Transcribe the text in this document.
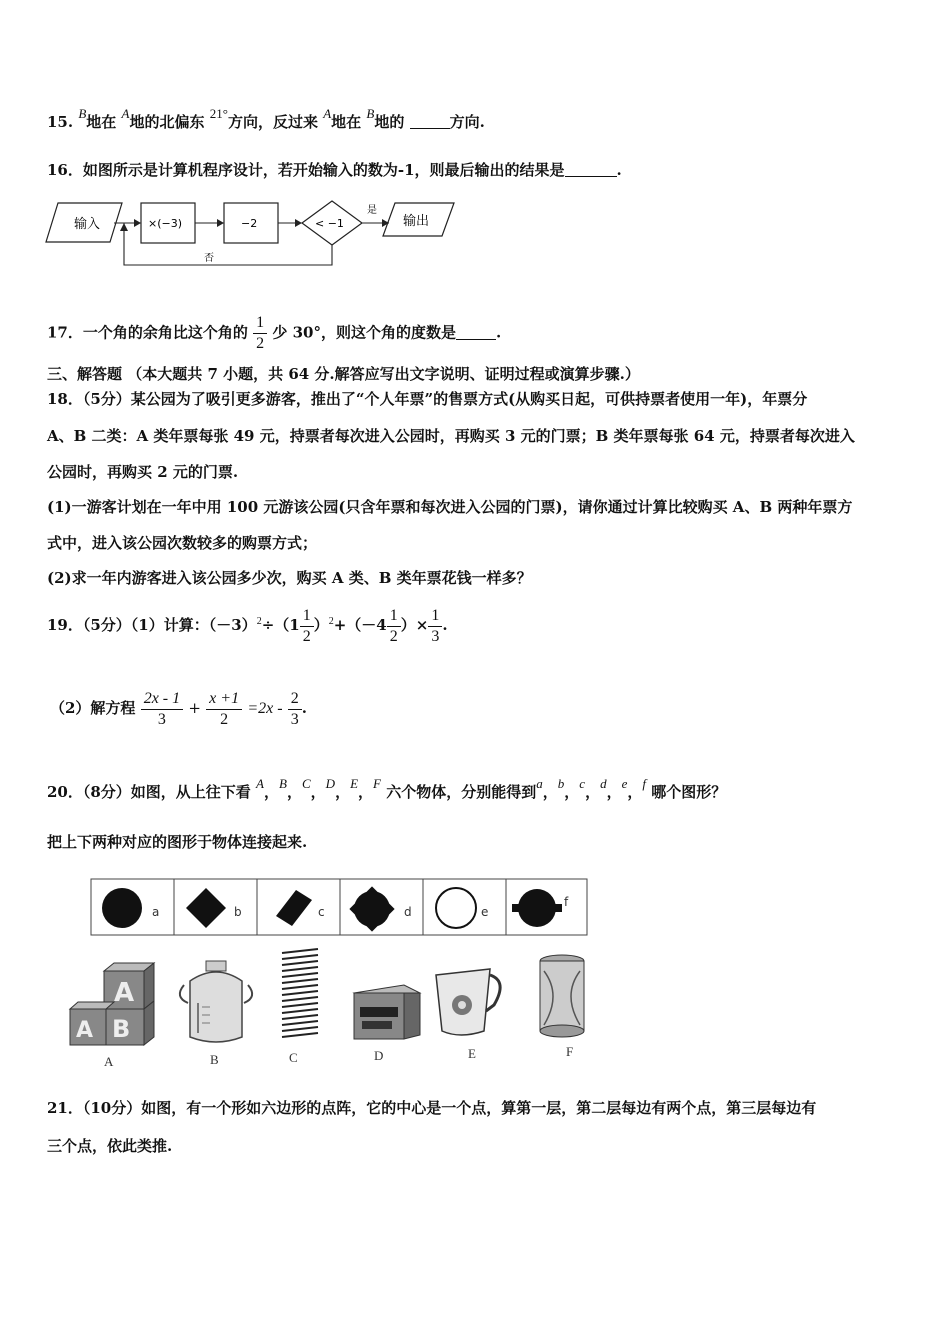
15. B地在 A地的北偏东 21°方向，反过来 A地在 B地的	方向.
16．如图所示是计算机程序设计，若开始输入的数为-1，则最后输出的结果是	.
输入	×(−3)	−2	< −1
是
输出
否
17．一个角的余角比这个角的 $\frac{1}{2}$ 少 30°，则这个角的度数是	.
三、解答题 （本大题共 7 小题，共 64 分.解答应写出文字说明、证明过程或演算步骤.）
18．（5分）某公园为了吸引更多游客，推出了“个人年票”的售票方式(从购买日起，可供持票者使用一年)，年票分
A、B 二类：A 类年票每张 49 元，持票者每次进入公园时，再购买 3 元的门票；B 类年票每张 64 元，持票者每次进入
公园时，再购买 2 元的门票.
(1)一游客计划在一年中用 100 元游该公园(只含年票和每次进入公园的门票)，请你通过计算比较购买 A、B 两种年票方
式中，进入该公园次数较多的购票方式；
(2)求一年内游客进入该公园多少次，购买 A 类、B 类年票花钱一样多？
19．（5分）（1）计算：$(-3)^2\div(1 \frac{1}{2} )^2+(-4 \frac{1}{2}$ ）× $\frac{1}{3}$ .
（2）解方程 $\frac{2x - 1}{3} + \frac{x +1}{2} =2x - \frac{2}{3}$ .
20．（8分）如图，从上往下看 A，B，C，D，E，F 六个物体，分别能得到a，b，c，d，e，f 哪个图形？
把上下两种对应的图形于物体连接起来.
a	b	c	d	e
f
A
A B
A	B	C	D	E	F
21．（10分）如图，有一个形如六边形的点阵，它的中心是一个点，算第一层，第二层每边有两个点，第三层每边有
三个点，依此类推.
